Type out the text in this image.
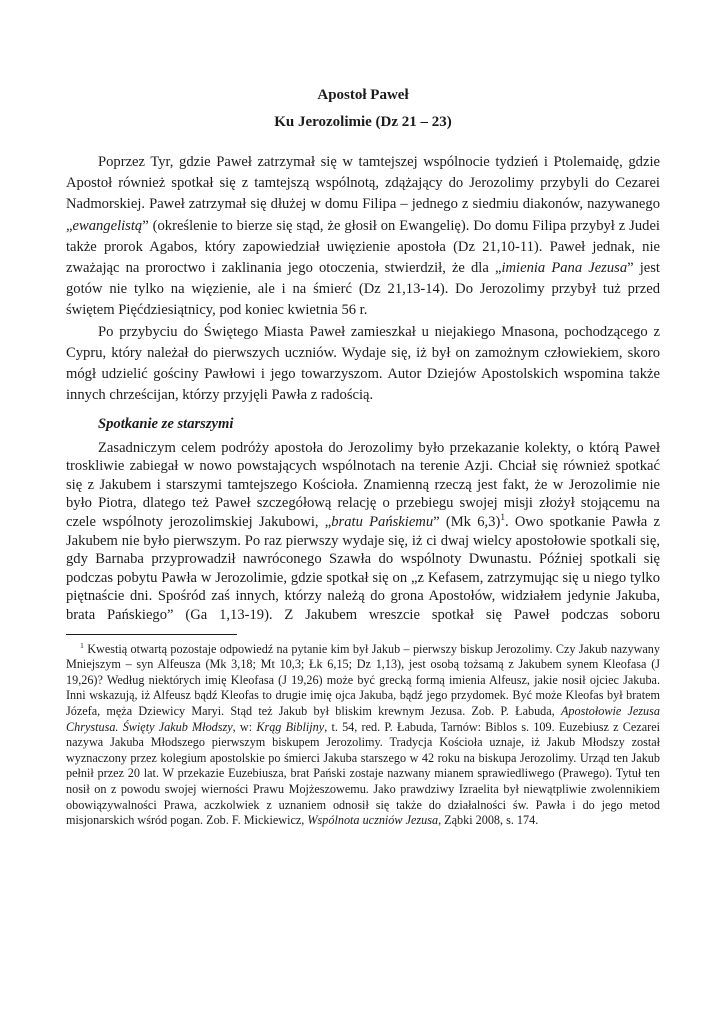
Apostoł Paweł
Ku Jerozolimie (Dz 21 – 23)

Poprzez Tyr, gdzie Paweł zatrzymał się w tamtejszej wspólnocie tydzień i Ptolemaidę, gdzie Apostoł również spotkał się z tamtejszą wspólnotą, zdążający do Jerozolimy przybyli do Cezarei Nadmorskiej. Paweł zatrzymał się dłużej w domu Filipa – jednego z siedmiu diakonów, nazywanego „ewangelistą” (określenie to bierze się stąd, że głosił on Ewangelię). Do domu Filipa przybył z Judei także prorok Agabos, który zapowiedział uwięzienie apostoła (Dz 21,10-11). Paweł jednak, nie zważając na proroctwo i zaklinania jego otoczenia, stwierdził, że dla „imienia Pana Jezusa” jest gotów nie tylko na więzienie, ale i na śmierć (Dz 21,13-14). Do Jerozolimy przybył tuż przed świętem Pięćdziesiątnicy, pod koniec kwietnia 56 r.

Po przybyciu do Świętego Miasta Paweł zamieszkał u niejakiego Mnasona, pochodzącego z Cypru, który należał do pierwszych uczniów. Wydaje się, iż był on zamożnym człowiekiem, skoro mógł udzielić gościny Pawłowi i jego towarzyszom. Autor Dziejów Apostolskich wspomina także innych chrześcijan, którzy przyjęli Pawła z radością.

Spotkanie ze starszymi

Zasadniczym celem podróży apostoła do Jerozolimy było przekazanie kolekty, o którą Paweł troskliwie zabiegał w nowo powstających wspólnotach na terenie Azji. Chciał się również spotkać się z Jakubem i starszymi tamtejszego Kościoła. Znamienną rzeczą jest fakt, że w Jerozolimie nie było Piotra, dlatego też Paweł szczegółową relację o przebiegu swojej misji złożył stojącemu na czele wspólnoty jerozolimskiej Jakubowi, „bratu Pańskiemu” (Mk 6,3)$^1$. Owo spotkanie Pawła z Jakubem nie było pierwszym. Po raz pierwszy wydaje się, iż ci dwaj wielcy apostołowie spotkali się, gdy Barnaba przyprowadził nawróconego Szawła do wspólnoty Dwunastu. Później spotkali się podczas pobytu Pawła w Jerozolimie, gdzie spotkał się on „z Kefasem, zatrzymując się u niego tylko piętnaście dni. Spośród zaś innych, którzy należą do grona Apostołów, widziałem jedynie Jakuba, brata Pańskiego” (Ga 1,13-19). Z Jakubem wreszcie spotkał się Paweł podczas soboru

$^1$ Kwestią otwartą pozostaje odpowiedź na pytanie kim był Jakub – pierwszy biskup Jerozolimy. Czy Jakub nazywany Mniejszym – syn Alfeusza (Mk 3,18; Mt 10,3; Łk 6,15; Dz 1,13), jest osobą tożsamą z Jakubem synem Kleofasa (J 19,26)? Według niektórych imię Kleofasa (J 19,26) może być grecką formą imienia Alfeusz, jakie nosił ojciec Jakuba. Inni wskazują, iż Alfeusz bądź Kleofas to drugie imię ojca Jakuba, bądź jego przydomek. Być może Kleofas był bratem Józefa, męża Dziewicy Maryi. Stąd też Jakub był bliskim krewnym Jezusa. Zob. P. Łabuda, Apostołowie Jezusa Chrystusa. Święty Jakub Młodszy, w: Krąg Biblijny, t. 54, red. P. Łabuda, Tarnów: Biblos s. 109. Euzebiusz z Cezarei nazywa Jakuba Młodszego pierwszym biskupem Jerozolimy. Tradycja Kościoła uznaje, iż Jakub Młodszy został wyznaczony przez kolegium apostolskie po śmierci Jakuba starszego w 42 roku na biskupa Jerozolimy. Urząd ten Jakub pełnił przez 20 lat. W przekazie Euzebiusza, brat Pański zostaje nazwany mianem sprawiedliwego (Prawego). Tytuł ten nosił on z powodu swojej wierności Prawu Mojżeszowemu. Jako prawdziwy Izraelita był niewątpliwie zwolennikiem obowiązywalności Prawa, aczkolwiek z uznaniem odnosił się także do działalności św. Pawła i do jego metod misjonarskich wśród pogan. Zob. F. Mickiewicz, Wspólnota uczniów Jezusa, Ząbki 2008, s. 174.
